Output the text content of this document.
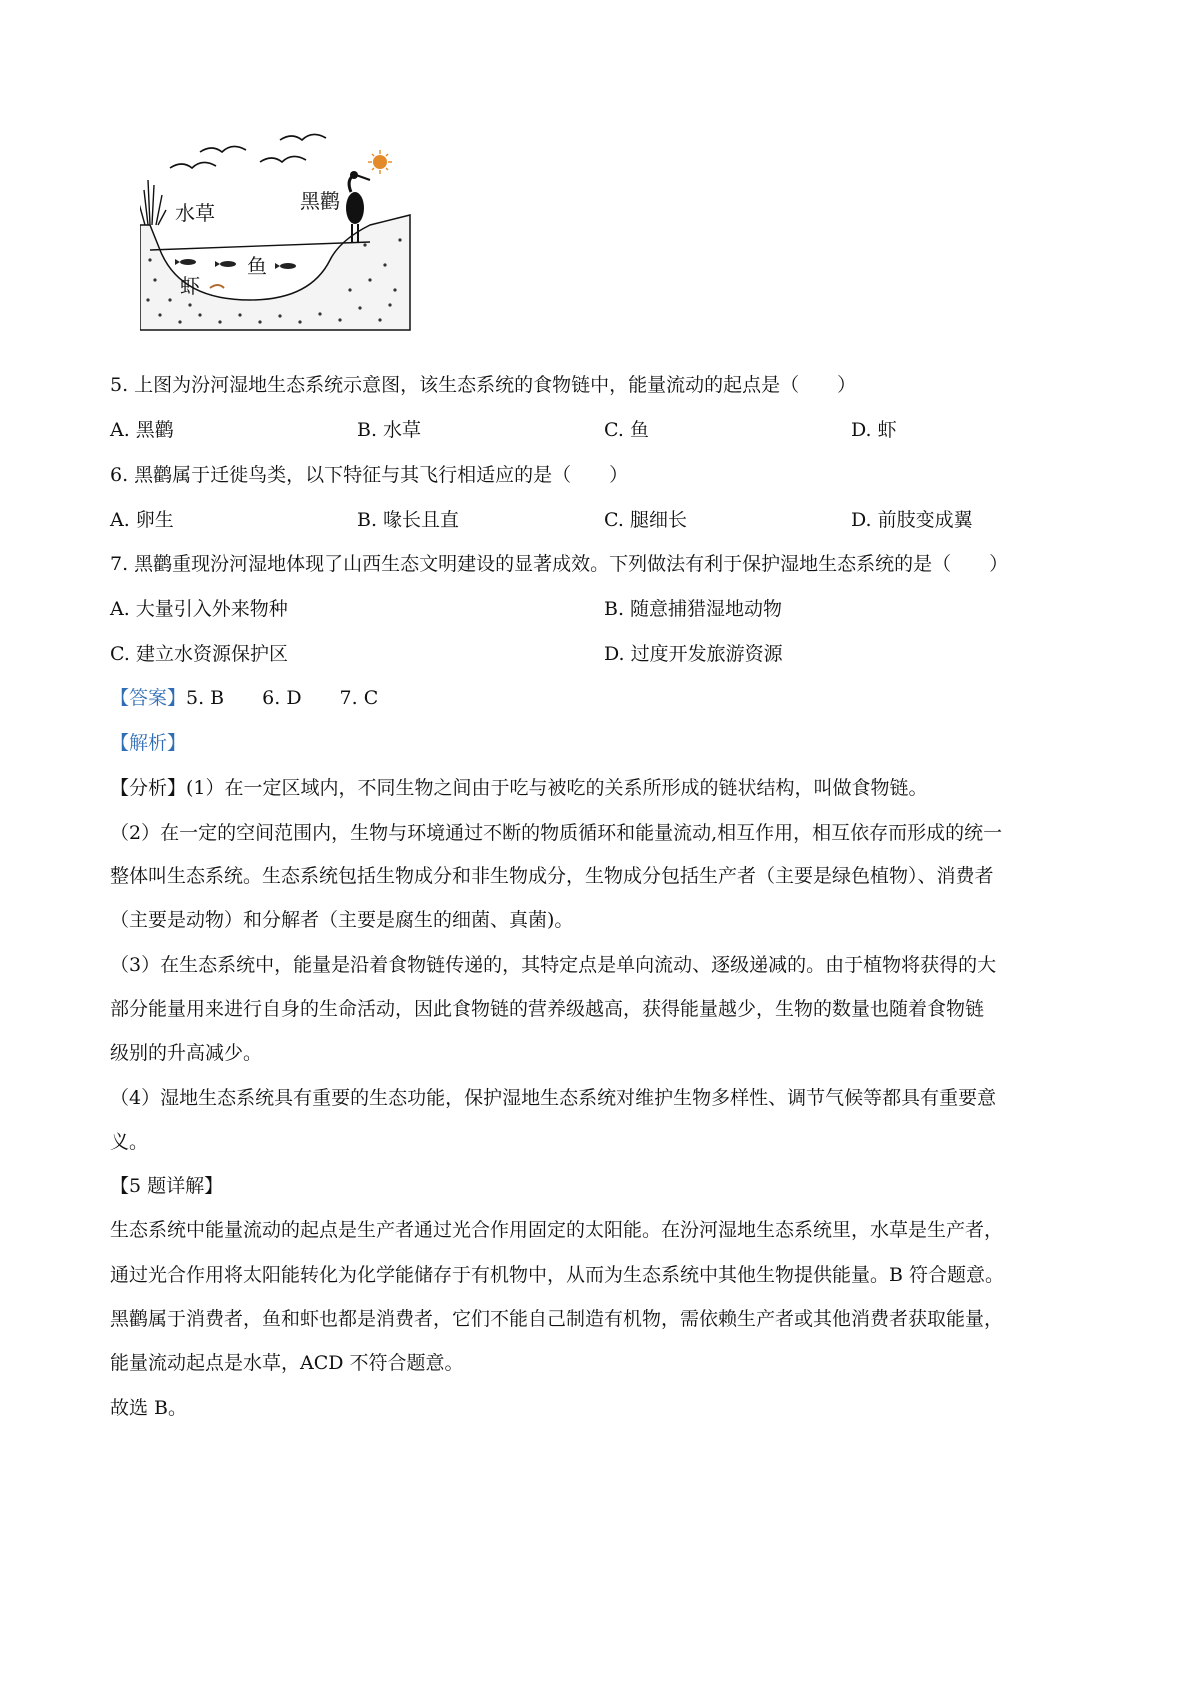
水草	黑鹳
鱼
虾
5. 上图为汾河湿地生态系统示意图，该生态系统的食物链中，能量流动的起点是（　　）
A. 黑鹳	B. 水草	C. 鱼	D. 虾
6. 黑鹳属于迁徙鸟类，以下特征与其飞行相适应的是（　　）
A. 卵生	B. 喙长且直	C. 腿细长	D. 前肢变成翼
7. 黑鹳重现汾河湿地体现了山西生态文明建设的显著成效。下列做法有利于保护湿地生态系统的是（　　）
A. 大量引入外来物种	B. 随意捕猎湿地动物
C. 建立水资源保护区	D. 过度开发旅游资源
【答案】5. B　　6. D　　7. C
【解析】
【分析】(1）在一定区域内，不同生物之间由于吃与被吃的关系所形成的链状结构，叫做食物链。
（2）在一定的空间范围内，生物与环境通过不断的物质循环和能量流动,相互作用，相互依存而形成的统一
整体叫生态系统。生态系统包括生物成分和非生物成分，生物成分包括生产者（主要是绿色植物）、消费者
（主要是动物）和分解者（主要是腐生的细菌、真菌)。
（3）在生态系统中，能量是沿着食物链传递的，其特定点是单向流动、逐级递减的。由于植物将获得的大
部分能量用来进行自身的生命活动，因此食物链的营养级越高，获得能量越少，生物的数量也随着食物链
级别的升高减少。
（4）湿地生态系统具有重要的生态功能，保护湿地生态系统对维护生物多样性、调节气候等都具有重要意
义。
【5 题详解】
生态系统中能量流动的起点是生产者通过光合作用固定的太阳能。在汾河湿地生态系统里，水草是生产者，
通过光合作用将太阳能转化为化学能储存于有机物中，从而为生态系统中其他生物提供能量。B 符合题意。
黑鹳属于消费者，鱼和虾也都是消费者，它们不能自己制造有机物，需依赖生产者或其他消费者获取能量，
能量流动起点是水草，ACD 不符合题意。
故选 B。
